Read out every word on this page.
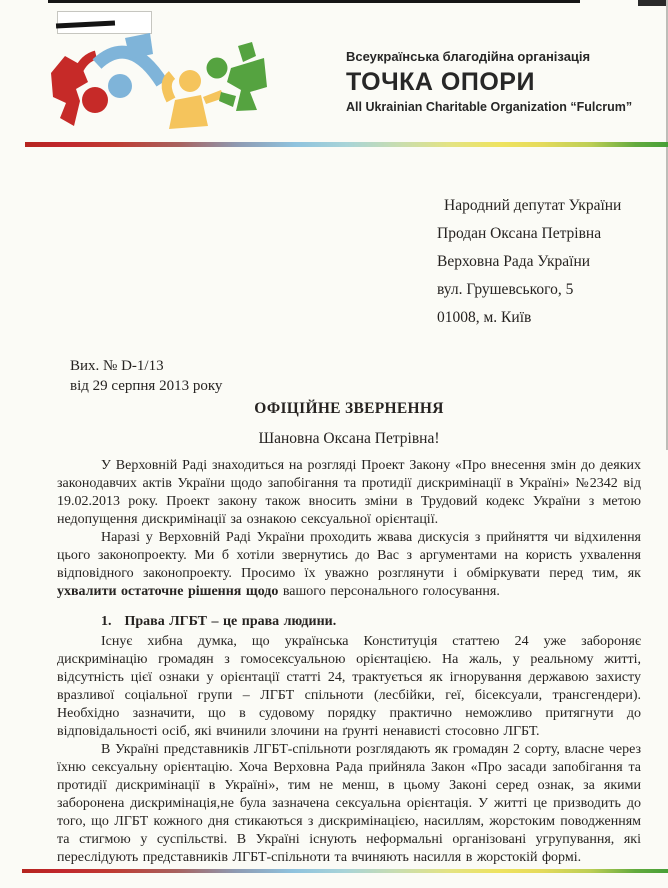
Всеукраїнська благодійна організація
ТОЧКА ОПОРИ
All Ukrainian Charitable Organization “Fulcrum”
Народний депутат України
Продан Оксана Петрівна
Верховна Рада України
вул. Грушевського, 5
01008, м. Київ
Вих. № D-1/13
від 29 серпня 2013 року
ОФІЦІЙНЕ ЗВЕРНЕННЯ
Шановна Оксана Петрівна!

У Верховній Раді знаходиться на розгляді Проект Закону «Про внесення змін до деяких законодавчих актів України щодо запобігання та протидії дискримінації в Україні» №2342 від 19.02.2013 року. Проект закону також вносить зміни в Трудовий кодекс України з метою недопущення дискримінації за ознакою сексуальної орієнтації.

Наразі у Верховній Раді України проходить жвава дискусія з прийняття чи відхилення цього законопроекту. Ми б хотіли звернутись до Вас з аргументами на користь ухвалення відповідного законопроекту. Просимо їх уважно розглянути і обміркувати перед тим, як ухвалити остаточне рішення щодо вашого персонального голосування.

1. Права ЛГБТ – це права людини.

Існує хибна думка, що українська Конституція статтею 24 уже забороняє дискримінацію громадян з гомосексуальною орієнтацією. На жаль, у реальному житті, відсутність цієї ознаки у орієнтації статті 24, трактується як ігнорування державою захисту вразливої соціальної групи – ЛГБТ спільноти (лесбійки, геї, бісексуали, трансгендери). Необхідно зазначити, що в судовому порядку практично неможливо притягнути до відповідальності осіб, які вчинили злочини на ґрунті ненависті стосовно ЛГБТ.

В Україні представників ЛГБТ-спільноти розглядають як громадян 2 сорту, власне через їхню сексуальну орієнтацію. Хоча Верховна Рада прийняла Закон «Про засади запобігання та протидії дискримінації в Україні», тим не менш, в цьому Законі серед ознак, за якими заборонена дискримінація,не була зазначена сексуальна орієнтація. У житті це призводить до того, що ЛГБТ кожного дня стикаються з дискримінацією, насиллям, жорстоким поводженням та стигмою у суспільстві. В Україні існують неформальні організовані угрупування, які переслідують представників ЛГБТ-спільноти та вчиняють насилля в жорстокій формі.
